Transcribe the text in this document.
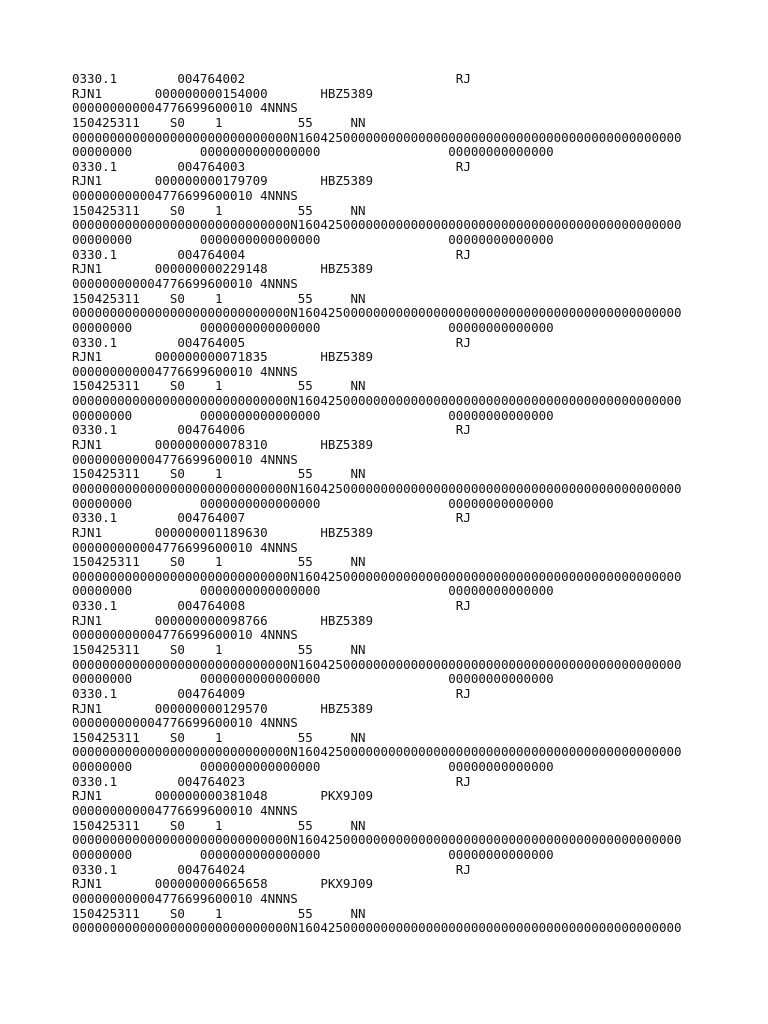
0330.1        004764002                            RJ
RJN1       000000000154000       HBZ5389
000000000004776699600010 4NNNS
150425311    S0    1          55     NN
00000000000000000000000000000N160425000000000000000000000000000000000000000000000
00000000         0000000000000000                 00000000000000
0330.1        004764003                            RJ
RJN1       000000000179709       HBZ5389
000000000004776699600010 4NNNS
150425311    S0    1          55     NN
00000000000000000000000000000N160425000000000000000000000000000000000000000000000
00000000         0000000000000000                 00000000000000
0330.1        004764004                            RJ
RJN1       000000000229148       HBZ5389
000000000004776699600010 4NNNS
150425311    S0    1          55     NN
00000000000000000000000000000N160425000000000000000000000000000000000000000000000
00000000         0000000000000000                 00000000000000
0330.1        004764005                            RJ
RJN1       000000000071835       HBZ5389
000000000004776699600010 4NNNS
150425311    S0    1          55     NN
00000000000000000000000000000N160425000000000000000000000000000000000000000000000
00000000         0000000000000000                 00000000000000
0330.1        004764006                            RJ
RJN1       000000000078310       HBZ5389
000000000004776699600010 4NNNS
150425311    S0    1          55     NN
00000000000000000000000000000N160425000000000000000000000000000000000000000000000
00000000         0000000000000000                 00000000000000
0330.1        004764007                            RJ
RJN1       000000001189630       HBZ5389
000000000004776699600010 4NNNS
150425311    S0    1          55     NN
00000000000000000000000000000N160425000000000000000000000000000000000000000000000
00000000         0000000000000000                 00000000000000
0330.1        004764008                            RJ
RJN1       000000000098766       HBZ5389
000000000004776699600010 4NNNS
150425311    S0    1          55     NN
00000000000000000000000000000N160425000000000000000000000000000000000000000000000
00000000         0000000000000000                 00000000000000
0330.1        004764009                            RJ
RJN1       000000000129570       HBZ5389
000000000004776699600010 4NNNS
150425311    S0    1          55     NN
00000000000000000000000000000N160425000000000000000000000000000000000000000000000
00000000         0000000000000000                 00000000000000
0330.1        004764023                            RJ
RJN1       000000000381048       PKX9J09
000000000004776699600010 4NNNS
150425311    S0    1          55     NN
00000000000000000000000000000N160425000000000000000000000000000000000000000000000
00000000         0000000000000000                 00000000000000
0330.1        004764024                            RJ
RJN1       000000000665658       PKX9J09
000000000004776699600010 4NNNS
150425311    S0    1          55     NN
00000000000000000000000000000N160425000000000000000000000000000000000000000000000
